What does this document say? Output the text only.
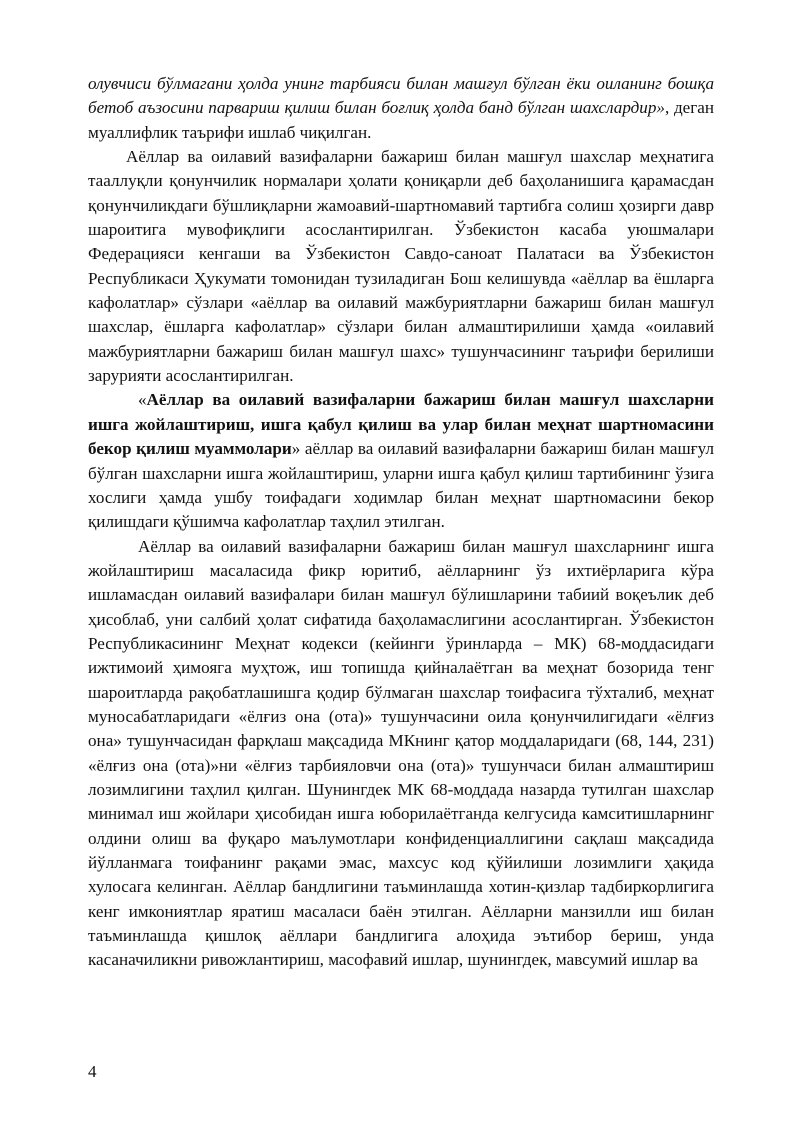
олувчиси бўлмагани ҳолда унинг тарбияси билан машғул бўлган ёки оиланинг бошқа бетоб аъзосини парвариш қилиш билан боғлиқ ҳолда банд бўлган шахслардир», деган муаллифлик таърифи ишлаб чиқилган.

Аёллар ва оилавий вазифаларни бажариш билан машғул шахслар меҳнатига тааллуқли қонунчилик нормалари ҳолати қониқарли деб баҳоланишига қарамасдан қонунчиликдаги бўшлиқларни жамоавий-шартномавий тартибга солиш ҳозирги давр шароитига мувофиқлиги асослантирилган. Ўзбекистон касаба уюшмалари Федерацияси кенгаши ва Ўзбекистон Савдо-саноат Палатаси ва Ўзбекистон Республикаси Ҳукумати томонидан тузиладиган Бош келишувда «аёллар ва ёшларга кафолатлар» сўзлари «аёллар ва оилавий мажбуриятларни бажариш билан машғул шахслар, ёшларга кафолатлар» сўзлари билан алмаштирилиши ҳамда «оилавий мажбуриятларни бажариш билан машғул шахс» тушунчасининг таърифи берилиши зарурияти асослантирилган.

«Аёллар ва оилавий вазифаларни бажариш билан машғул шахсларни ишга жойлаштириш, ишга қабул қилиш ва улар билан меҳнат шартномасини бекор қилиш муаммолари» аёллар ва оилавий вазифаларни бажариш билан машғул бўлган шахсларни ишга жойлаштириш, уларни ишга қабул қилиш тартибининг ўзига хослиги ҳамда ушбу тоифадаги ходимлар билан меҳнат шартномасини бекор қилишдаги қўшимча кафолатлар таҳлил этилган.

Аёллар ва оилавий вазифаларни бажариш билан машғул шахсларнинг ишга жойлаштириш масаласида фикр юритиб, аёлларнинг ўз ихтиёрларига кўра ишламасдан оилавий вазифалари билан машғул бўлишларини табиий воқеълик деб ҳисоблаб, уни салбий ҳолат сифатида баҳоламаслигини асослантирган. Ўзбекистон Республикасининг Меҳнат кодекси (кейинги ўринларда – МК) 68-моддасидаги ижтимоий ҳимояга муҳтож, иш топишда қийналаётган ва меҳнат бозорида тенг шароитларда рақобатлашишга қодир бўлмаган шахслар тоифасига тўхталиб, меҳнат муносабатларидаги «ёлғиз она (ота)» тушунчасини оила қонунчилигидаги «ёлғиз она» тушунчасидан фарқлаш мақсадида МКнинг қатор моддаларидаги (68, 144, 231) «ёлғиз она (ота)»ни «ёлғиз тарбияловчи она (ота)» тушунчаси билан алмаштириш лозимлигини таҳлил қилган. Шунингдек МК 68-моддада назарда тутилган шахслар минимал иш жойлари ҳисобидан ишга юборилаётганда келгусида камситишларнинг олдини олиш ва фуқаро маълумотлари конфиденциаллигини сақлаш мақсадида йўлланмага тоифанинг рақами эмас, махсус код қўйилиши лозимлиги ҳақида хулосага келинган. Аёллар бандлигини таъминлашда хотин-қизлар тадбиркорлигига кенг имкониятлар яратиш масаласи баён этилган. Аёлларни манзилли иш билан таъминлашда қишлоқ аёллари бандлигига алоҳида эътибор бериш, унда касаначиликни ривожлантириш, масофавий ишлар, шунингдек, мавсумий ишлар ва

4
